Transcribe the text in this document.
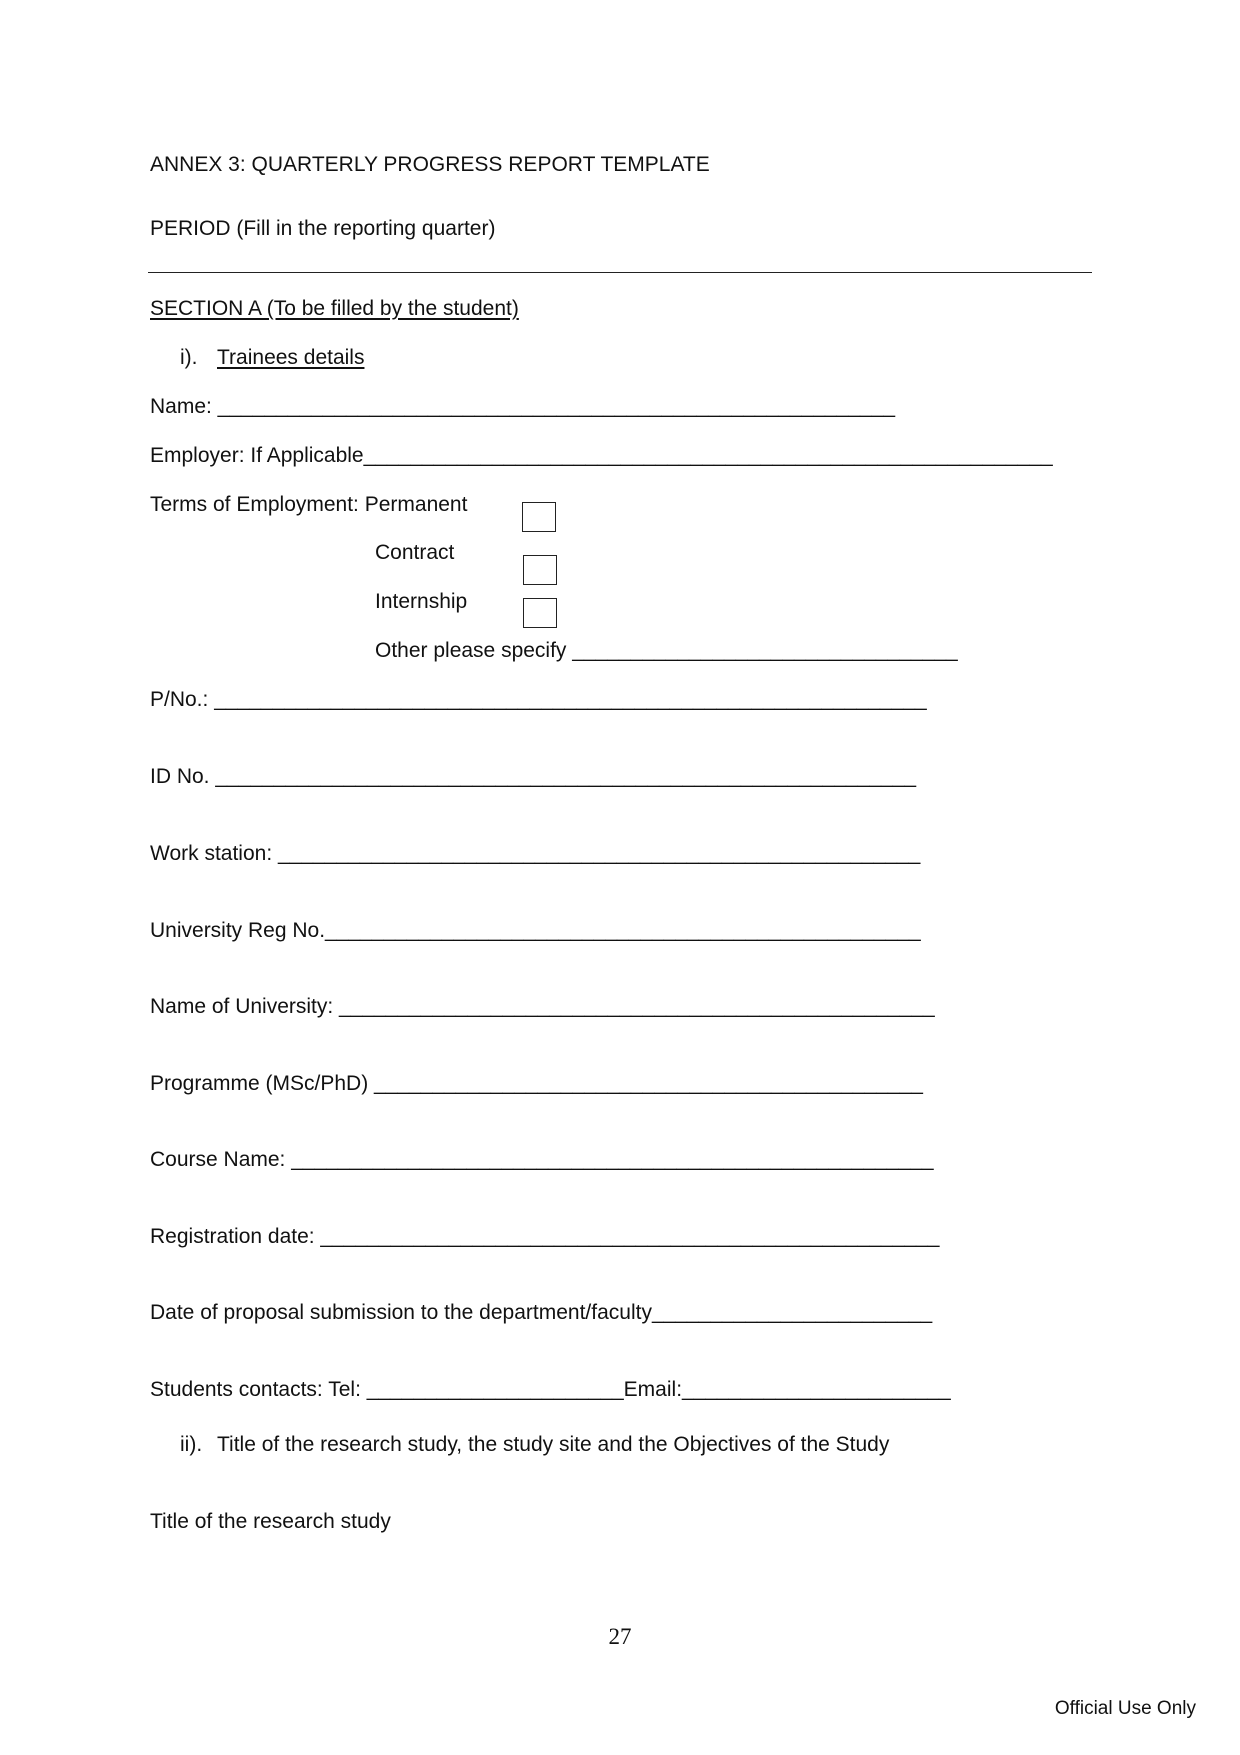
ANNEX 3: QUARTERLY PROGRESS REPORT TEMPLATE
PERIOD (Fill in the reporting quarter)
SECTION A (To be filled by the student)
i). Trainees details
Name: __________________________________________________________
Employer: If Applicable___________________________________________________________
Terms of Employment: Permanent
Contract
Internship
Other please specify _________________________________
P/No.: _____________________________________________________________
ID No. ____________________________________________________________
Work station: _______________________________________________________
University Reg No.___________________________________________________
Name of University: ___________________________________________________
Programme (MSc/PhD) _______________________________________________
Course Name: _______________________________________________________
Registration date: _____________________________________________________
Date of proposal submission to the department/faculty________________________
Students contacts: Tel: ______________________Email:_______________________
ii). Title of the research study, the study site and the Objectives of the Study
Title of the research study
27
Official Use Only
